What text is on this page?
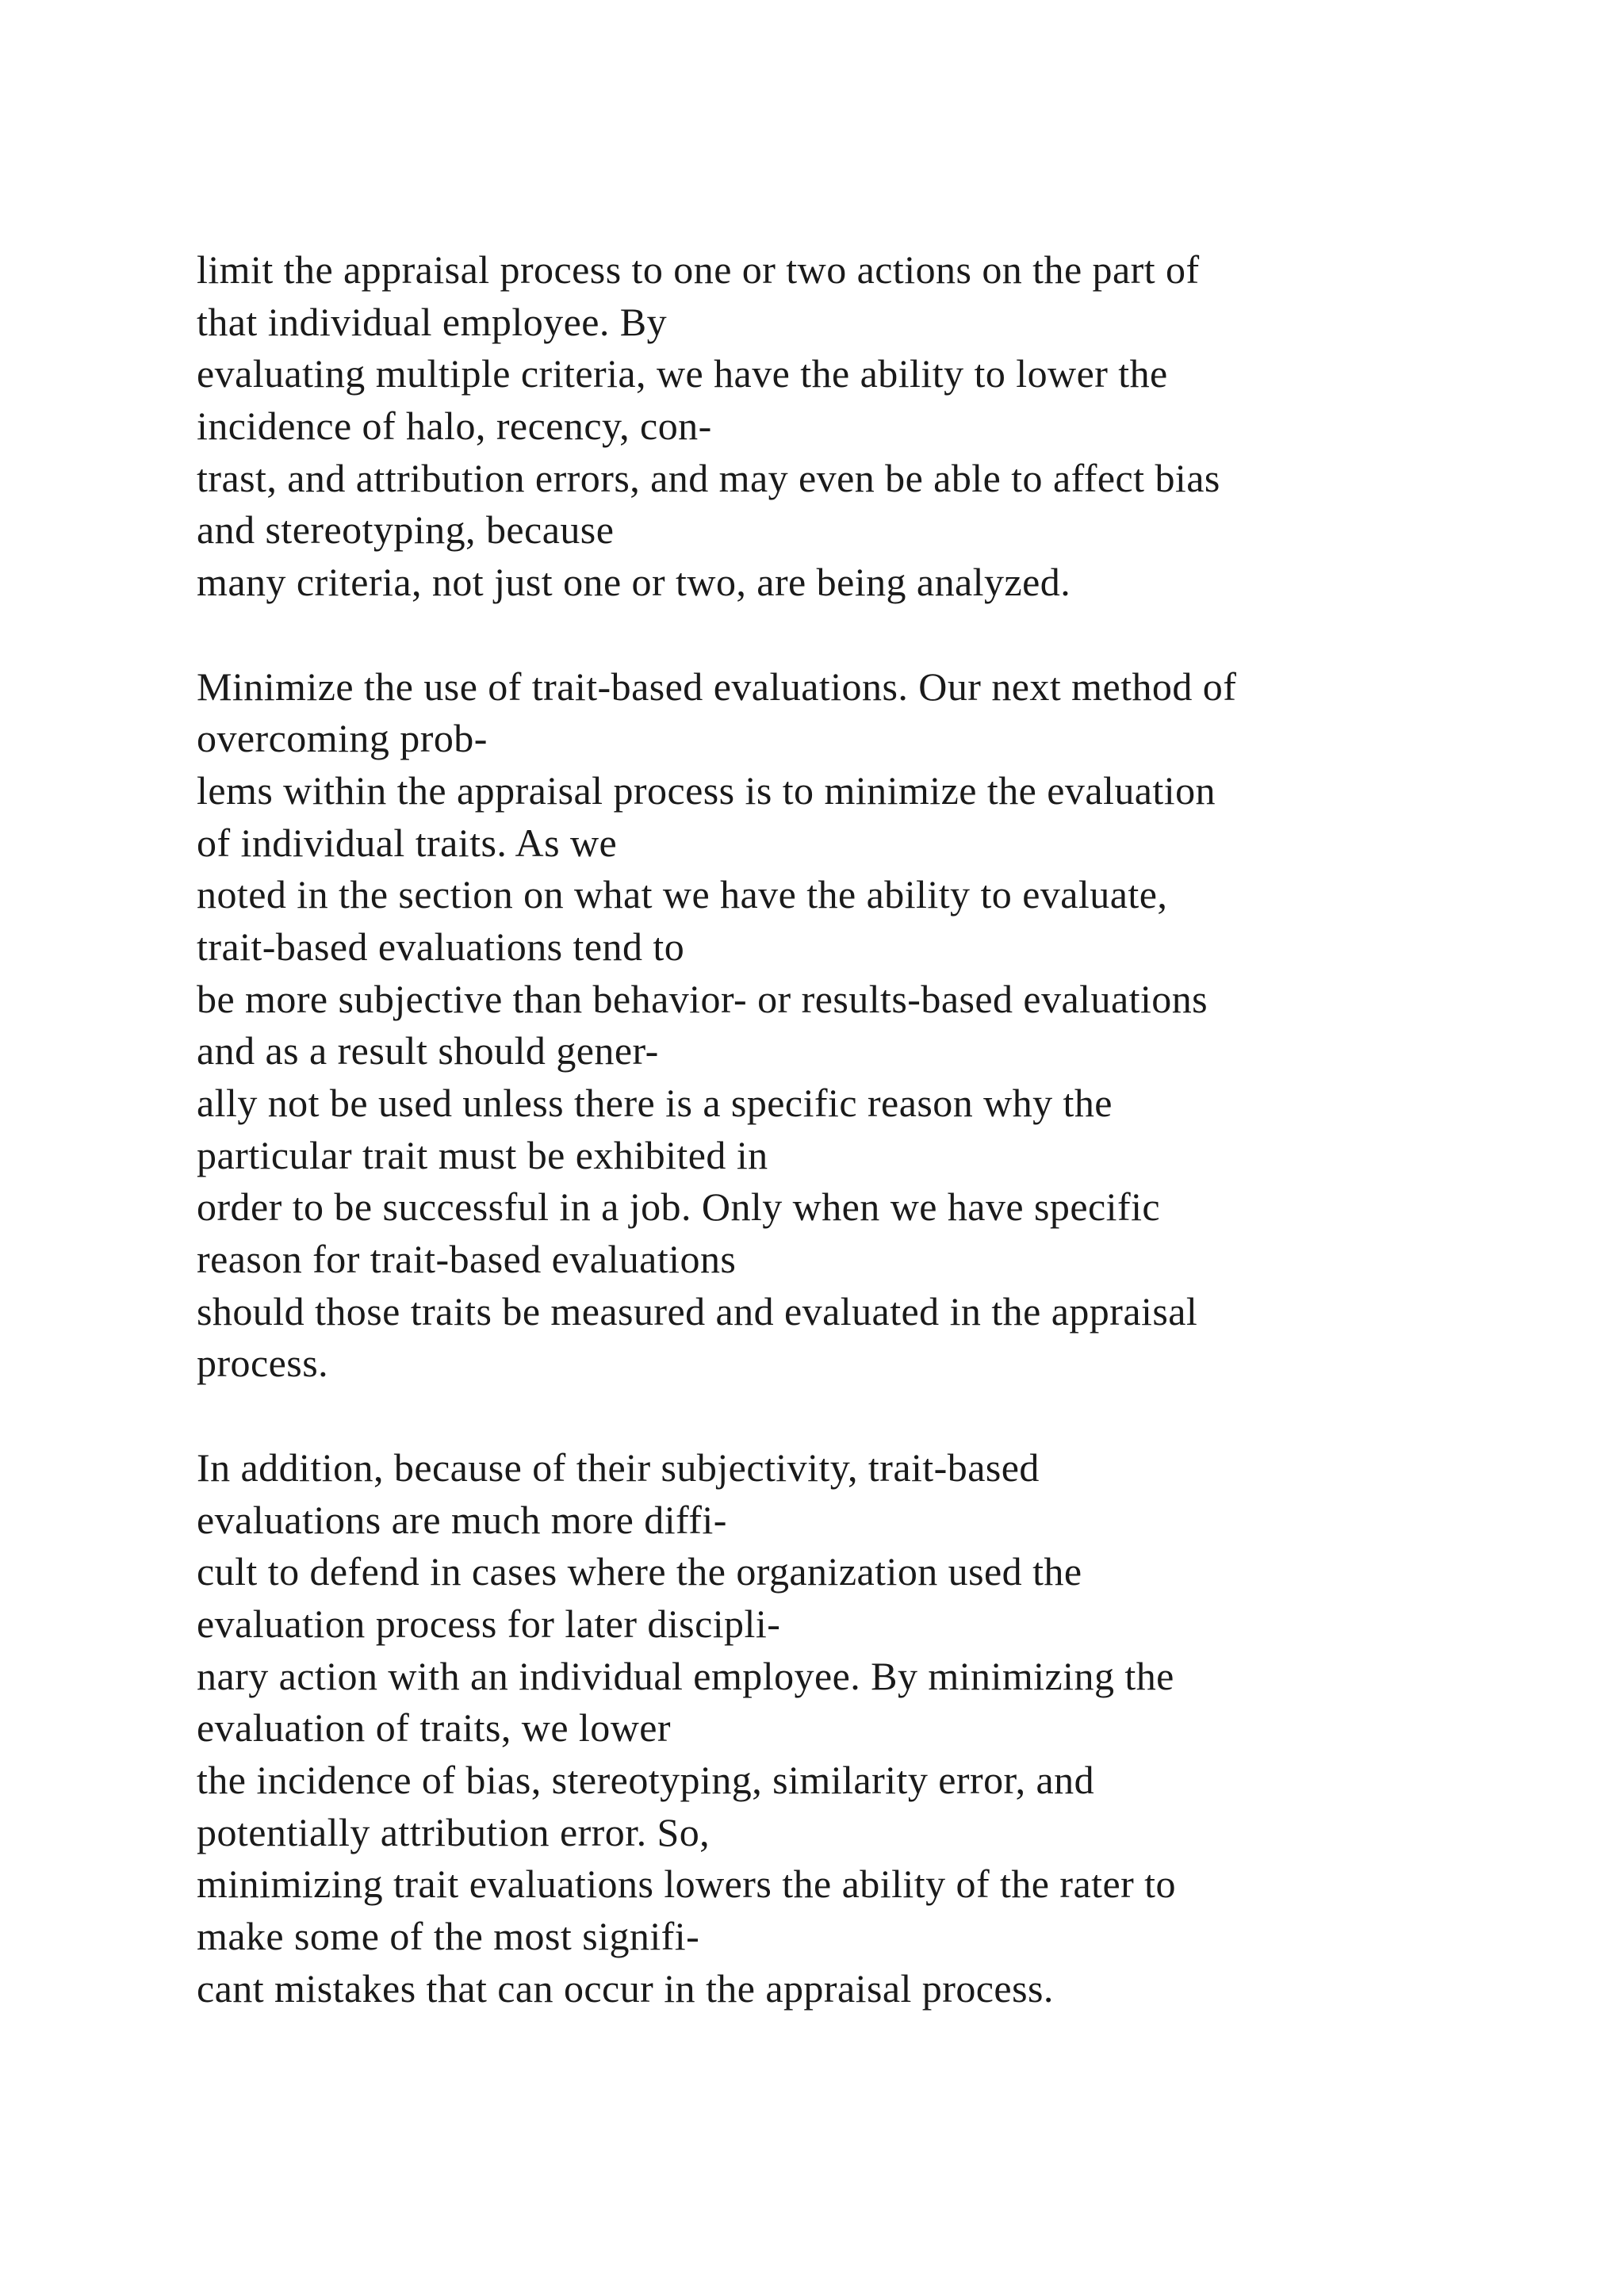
limit the appraisal process to one or two actions on the part of
that individual employee. By
evaluating multiple criteria, we have the ability to lower the
incidence of halo, recency, con-
trast, and attribution errors, and may even be able to affect bias
and stereotyping, because
many criteria, not just one or two, are being analyzed.
Minimize the use of trait-based evaluations. Our next method of
overcoming prob-
lems within the appraisal process is to minimize the evaluation
of individual traits. As we
noted in the section on what we have the ability to evaluate,
trait-based evaluations tend to
be more subjective than behavior- or results-based evaluations
and as a result should gener-
ally not be used unless there is a specific reason why the
particular trait must be exhibited in
order to be successful in a job. Only when we have specific
reason for trait-based evaluations
should those traits be measured and evaluated in the appraisal
process.
In addition, because of their subjectivity, trait-based
evaluations are much more diffi-
cult to defend in cases where the organization used the
evaluation process for later discipli-
nary action with an individual employee. By minimizing the
evaluation of traits, we lower
the incidence of bias, stereotyping, similarity error, and
potentially attribution error. So,
minimizing trait evaluations lowers the ability of the rater to
make some of the most signifi-
cant mistakes that can occur in the appraisal process.
